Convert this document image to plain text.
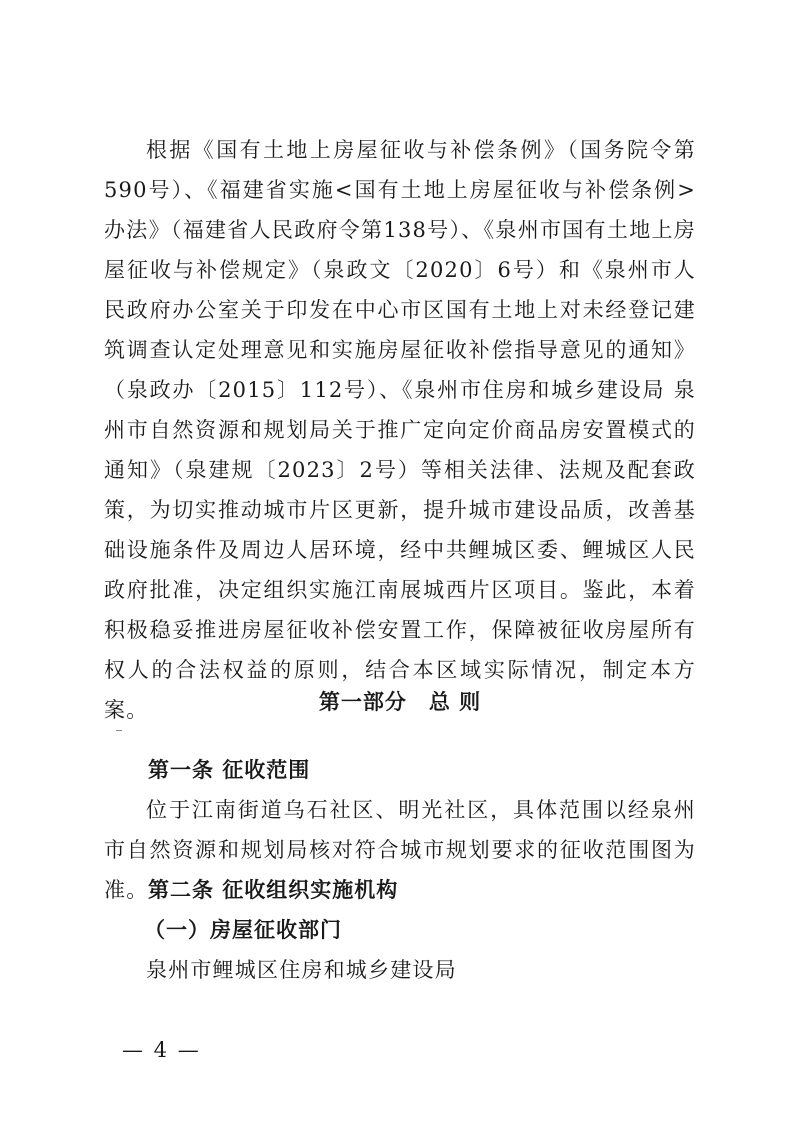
根据《国有土地上房屋征收与补偿条例》（国务院令第590号）、《福建省实施<国有土地上房屋征收与补偿条例>办法》（福建省人民政府令第138号）、《泉州市国有土地上房屋征收与补偿规定》（泉政文〔2020〕6号）和《泉州市人民政府办公室关于印发在中心市区国有土地上对未经登记建筑调查认定处理意见和实施房屋征收补偿指导意见的通知》（泉政办〔2015〕112号）、《泉州市住房和城乡建设局 泉州市自然资源和规划局关于推广定向定价商品房安置模式的通知》（泉建规〔2023〕2号）等相关法律、法规及配套政策，为切实推动城市片区更新，提升城市建设品质，改善基础设施条件及周边人居环境，经中共鲤城区委、鲤城区人民政府批准，决定组织实施江南展城西片区项目。鉴此，本着积极稳妥推进房屋征收补偿安置工作，保障被征收房屋所有权人的合法权益的原则，结合本区域实际情况，制定本方案。	第一部分　总 则
第一条 征收范围

位于江南街道乌石社区、明光社区，具体范围以经泉州市自然资源和规划局核对符合城市规划要求的征收范围图为准。 第二条 征收组织实施机构
（一）房屋征收部门

泉州市鲤城区住房和城乡建设局

— 4 —
